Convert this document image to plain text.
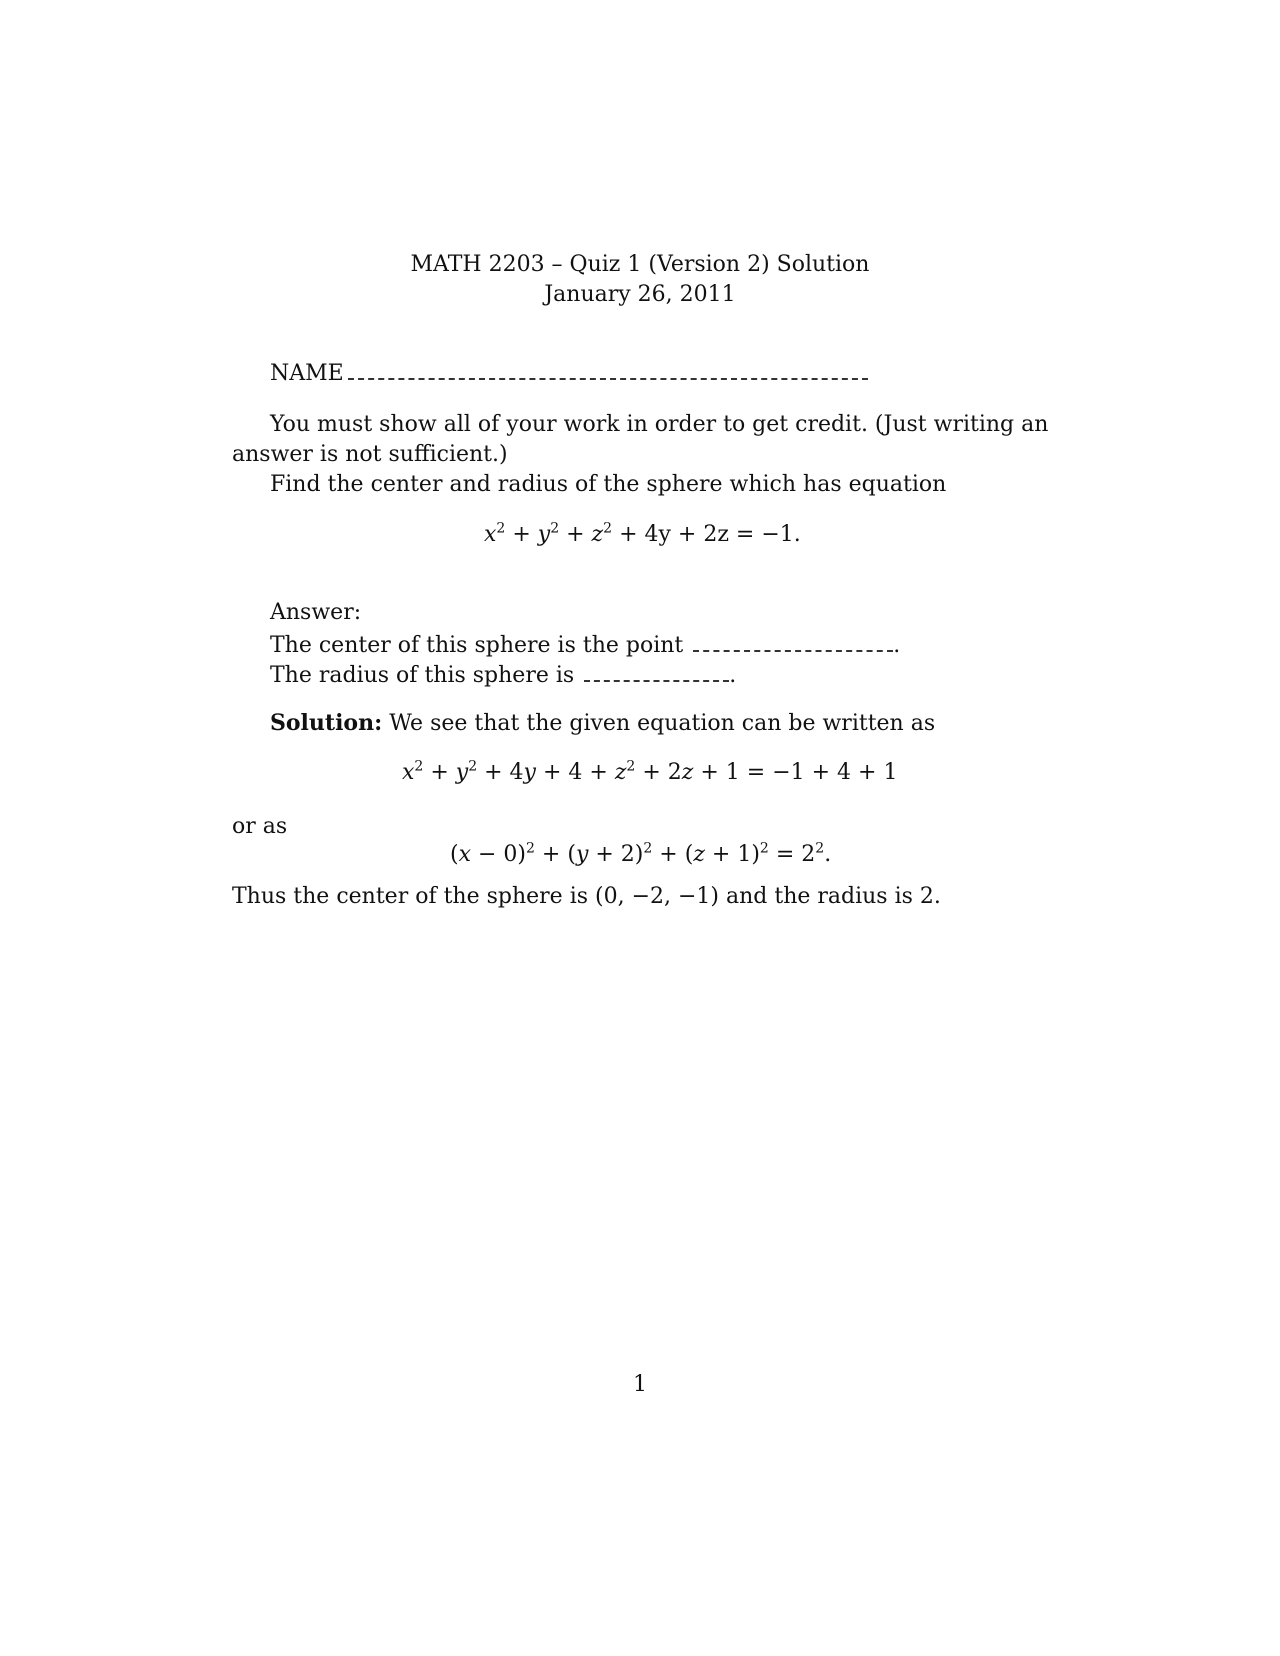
MATH 2203 – Quiz 1 (Version 2) Solution
January 26, 2011
NAME
You must show all of your work in order to get credit. (Just writing an
answer is not sufficient.)
Find the center and radius of the sphere which has equation
$x^2 + y^2 + z^2 + 4y + 2z = -1$.
Answer:
The center of this sphere is the point	.
The radius of this sphere is	.
Solution: We see that the given equation can be written as
$x^2 + y^2 + 4y + 4 + z^2 + 2z + 1 = -1 + 4 + 1$
or as
$(x - 0)^2 + (y + 2)^2 + (z + 1)^2 = 2^2$.
Thus the center of the sphere is (0, −2, −1) and the radius is 2.
1
